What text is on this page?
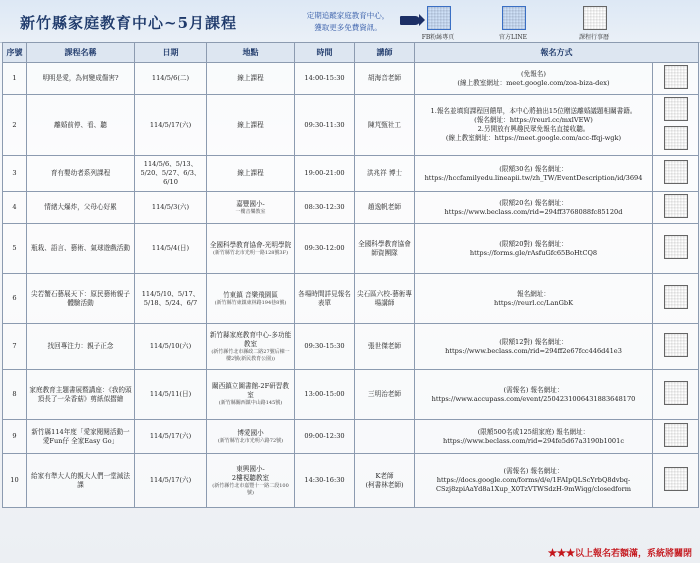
新竹縣家庭教育中心~5月課程	定期追蹤家庭教育中心，
獲取更多免費資訊。
FB粉絲專頁	官方LINE	課程行事曆
序號	課程名稱	日期	地點	時間	講師	報名方式	

1	明明是愛，為何變成傷害?	114/5/6(二)	線上課程	14:00-15:30	胡海音老師	(免報名)
(線上教室網址：meet.google.com/zoa-biza-dex)	

2	離婚前停、看、聽	114/5/17(六)	線上課程	09:30-11:30	陳芃甄社工	1.報名並填寫課程回饋單，本中心將抽出15位贈送離婚議題相關書籍。
(報名網址：https://reurl.cc/mxlVEW)
2.另開放有興趣民眾免報名直接收聽。
(線上教室網址：https://meet.google.com/acc-ffqj-wgk)	

3	育有嬰幼者系列課程	114/5/6、5/13、5/20、5/27、6/3、6/10	線上課程	19:00-21:00	洪兆祥 博士	(限額30名) 報名網址：
https://hccfamilyedu.lineapii.tw/zh_TW/EventDescription/id/3694	

4	情緒大爆炸，父母心好累	114/5/3(六)	嘉豐國小-
一樓音樂教室	08:30-12:30	趙逸帆老師	(限額20名) 報名網址：
https://www.beclass.com/rid=294ff3768088fc85120d	

5	瓶栽、語言、藝術、氣球遊戲活動	114/5/4(日)	全國科學教育協會-光明學院
(新竹縣竹北市光明一路128號3F)	09:30-12:00	全國科學教育協會師資團隊	(限額20對) 報名網址：
https://forms.gle/rAsfuGfc65BoHtCQ8	

6	尖若蟹石藝展天下：原民藝術親子體驗活動	114/5/10、5/17、5/18、5/24、6/7	竹東鎮 音樂飛園區
(新竹縣竹東鎮東林路194巷8號)	各場時間詳見報名表單	尖石區六校-藝術專場講師	報名網址：
https://reurl.cc/LanGbK	

7	找回專注力：親子正念	114/5/10(六)	新竹縣家庭教育中心-多功能教室
(新竹縣竹北市縣政二路27號后棟一樓2號(新民教育公園))	09:30-15:30	張世傑老師	(限額12對) 報名網址：
https://www.beclass.com/rid=294ff2e67fcc446d41e3	

8	家庭教育主題書展暨講座：《我的頭頂長了一朵香菇》剪紙似摺繪	114/5/11(日)	關西鎮立圖書館-2F研習教室
(新竹縣關西鎮中山路145號)	13:00-15:00	三明治老師	(需報名) 報名網址：
https://www.accupass.com/event/2504231006431883648170	

9	新竹縣114年度「愛家閱閱活動一愛Fun仔 全家Easy Go」	114/5/17(六)	博愛國小
(新竹縣竹北市光明六路72號)	09:00-12:30		(限額500名或125組家庭) 報名網址：
https://www.beclass.com/rid=294fe5d67a3190b1001c	

10	給家有準大人的親大人們一堂減法課	114/5/17(六)	東興國小-
2樓視聽教室
(新竹縣竹北市嘉豐十一路二段100號)	14:30-16:30	K老師
(柯書林老師)	(需報名) 報名網址：
https://docs.google.com/forms/d/e/1FAIpQLScYrbQ8dvbq-
CSzj8zpiAaYd8a1Xup_X0TzVTWSdzH-9mWiqg/closedform	

★★★以上報名若額滿，系統將關閉
